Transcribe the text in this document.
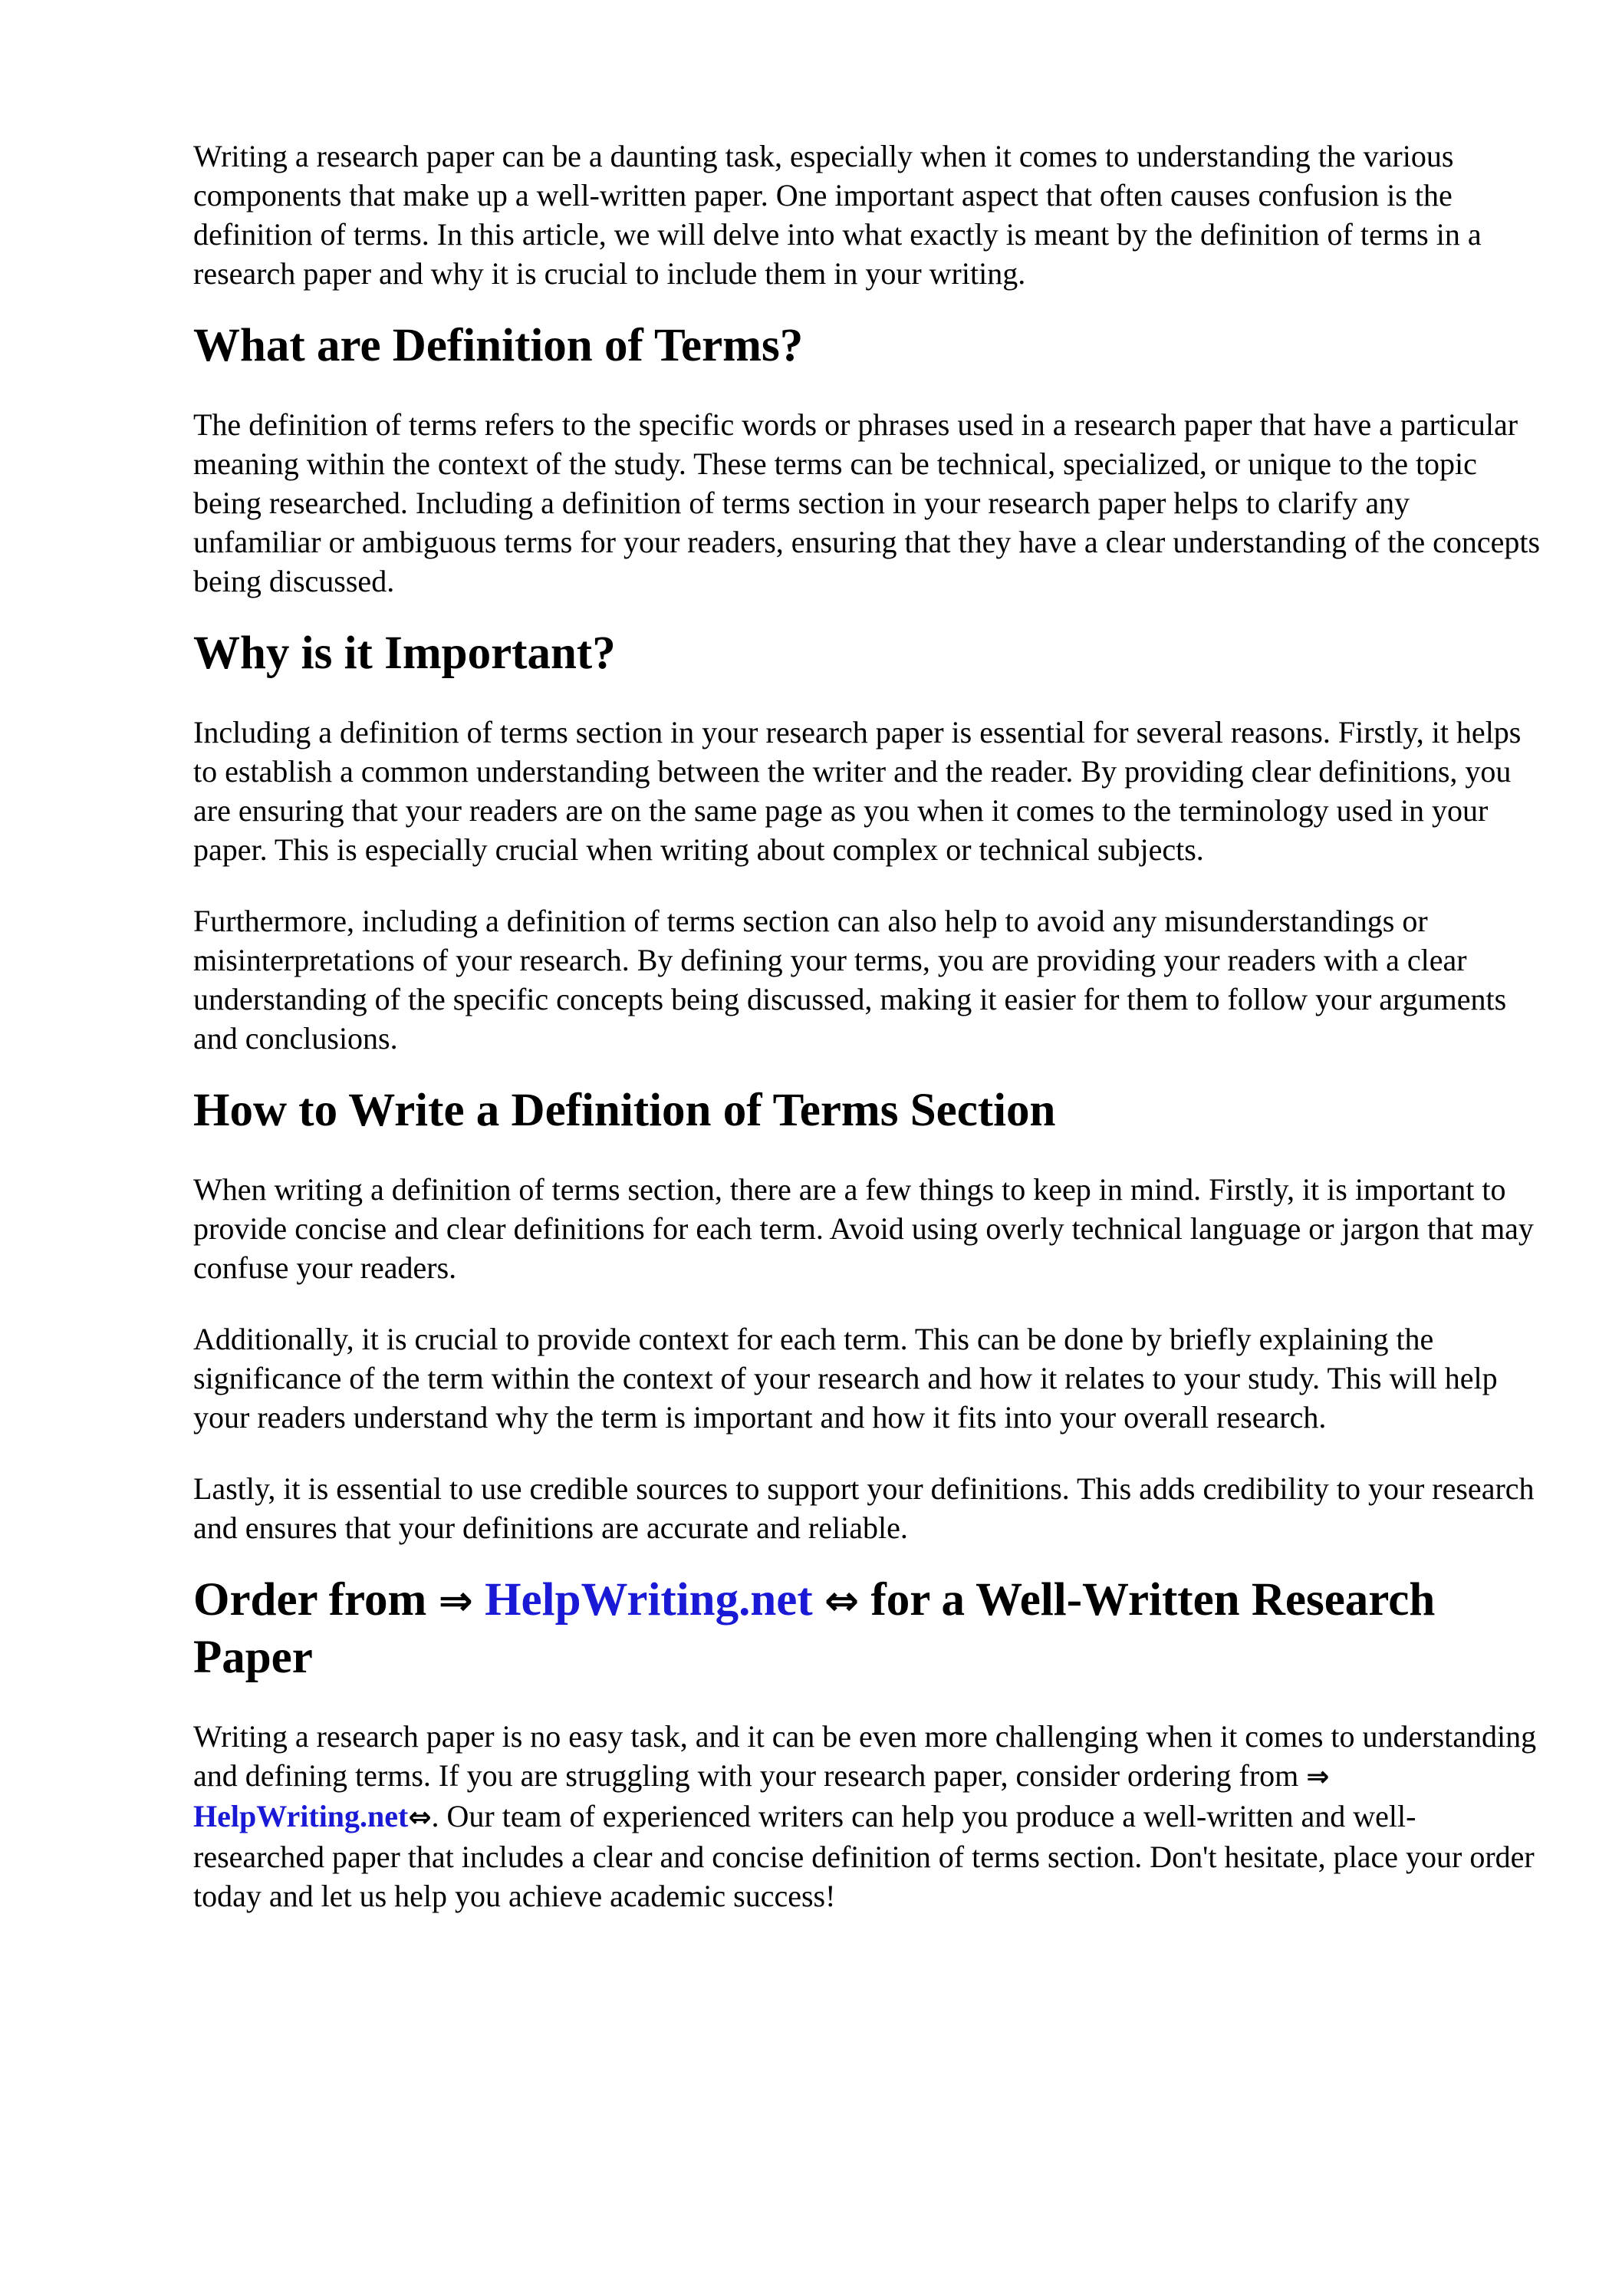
Writing a research paper can be a daunting task, especially when it comes to understanding the various components that make up a well-written paper. One important aspect that often causes confusion is the definition of terms. In this article, we will delve into what exactly is meant by the definition of terms in a research paper and why it is crucial to include them in your writing.

What are Definition of Terms?

The definition of terms refers to the specific words or phrases used in a research paper that have a particular meaning within the context of the study. These terms can be technical, specialized, or unique to the topic being researched. Including a definition of terms section in your research paper helps to clarify any unfamiliar or ambiguous terms for your readers, ensuring that they have a clear understanding of the concepts being discussed.

Why is it Important?

Including a definition of terms section in your research paper is essential for several reasons. Firstly, it helps to establish a common understanding between the writer and the reader. By providing clear definitions, you are ensuring that your readers are on the same page as you when it comes to the terminology used in your paper. This is especially crucial when writing about complex or technical subjects.

Furthermore, including a definition of terms section can also help to avoid any misunderstandings or misinterpretations of your research. By defining your terms, you are providing your readers with a clear understanding of the specific concepts being discussed, making it easier for them to follow your arguments and conclusions.

How to Write a Definition of Terms Section

When writing a definition of terms section, there are a few things to keep in mind. Firstly, it is important to provide concise and clear definitions for each term. Avoid using overly technical language or jargon that may confuse your readers.

Additionally, it is crucial to provide context for each term. This can be done by briefly explaining the significance of the term within the context of your research and how it relates to your study. This will help your readers understand why the term is important and how it fits into your overall research.

Lastly, it is essential to use credible sources to support your definitions. This adds credibility to your research and ensures that your definitions are accurate and reliable.

Order from ⇒ HelpWriting.net ⇔ for a Well-Written Research Paper

Writing a research paper is no easy task, and it can be even more challenging when it comes to understanding and defining terms. If you are struggling with your research paper, consider ordering from ⇒ HelpWriting.net⇔. Our team of experienced writers can help you produce a well-written and well-researched paper that includes a clear and concise definition of terms section. Don't hesitate, place your order today and let us help you achieve academic success!
